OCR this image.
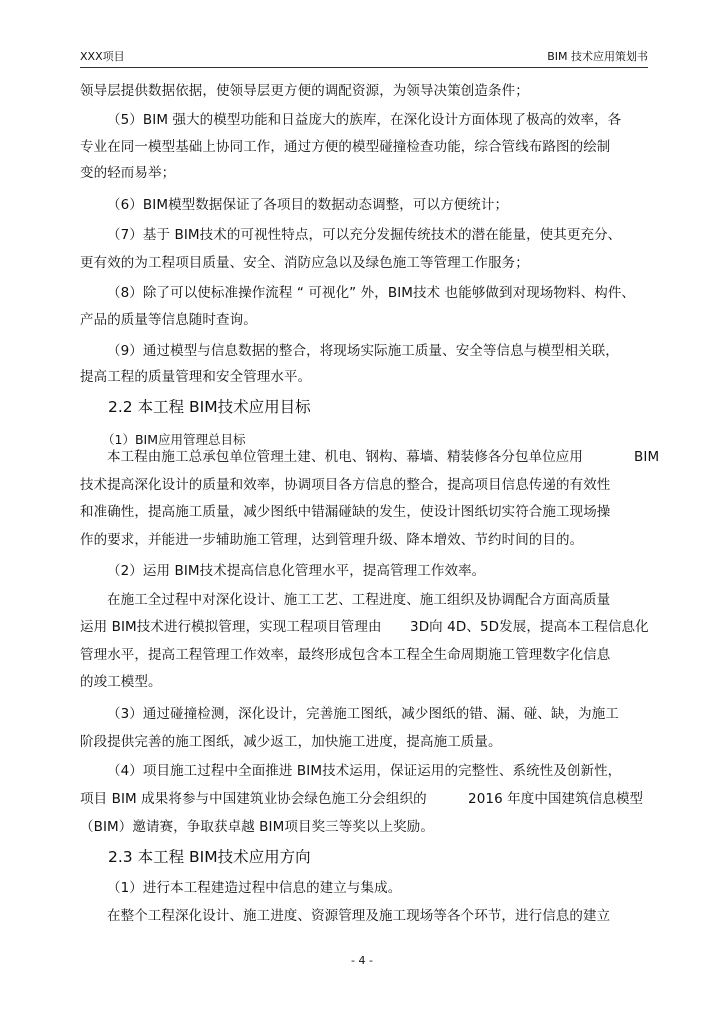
XXX项目	BIM 技术应用策划书
领导层提供数据依据，使领导层更方便的调配资源，为领导决策创造条件；
（5）BIM 强大的模型功能和日益庞大的族库，在深化设计方面体现了极高的效率，各
专业在同一模型基础上协同工作，通过方便的模型碰撞检查功能，综合管线布路图的绘制
变的轻而易举；
（6）BIM模型数据保证了各项目的数据动态调整，可以方便统计；
（7）基于 BIM技术的可视性特点，可以充分发掘传统技术的潜在能量，使其更充分、
更有效的为工程项目质量、安全、消防应急以及绿色施工等管理工作服务；
（8）除了可以使标准操作流程 “ 可视化” 外，BIM技术 也能够做到对现场物料、构件、
产品的质量等信息随时查询。
（9）通过模型与信息数据的整合，将现场实际施工质量、安全等信息与模型相关联，
提高工程的质量管理和安全管理水平。
2.2 本工程 BIM技术应用目标
（1）BIM应用管理总目标
本工程由施工总承包单位管理土建、机电、钢构、幕墙、精装修各分包单位应用	BIM
技术提高深化设计的质量和效率，协调项目各方信息的整合，提高项目信息传递的有效性
和准确性，提高施工质量，减少图纸中错漏碰缺的发生，使设计图纸切实符合施工现场操
作的要求，并能进一步辅助施工管理，达到管理升级、降本增效、节约时间的目的。
（2）运用 BIM技术提高信息化管理水平，提高管理工作效率。
在施工全过程中对深化设计、施工工艺、工程进度、施工组织及协调配合方面高质量
运用 BIM技术进行模拟管理，实现工程项目管理由 3D向 4D、5D发展，提高本工程信息化
管理水平，提高工程管理工作效率，最终形成包含本工程全生命周期施工管理数字化信息
的竣工模型。
（3）通过碰撞检测，深化设计，完善施工图纸，减少图纸的错、漏、碰、缺，为施工
阶段提供完善的施工图纸，减少返工，加快施工进度，提高施工质量。
（4）项目施工过程中全面推进 BIM技术运用，保证运用的完整性、系统性及创新性，
项目 BIM 成果将参与中国建筑业协会绿色施工分会组织的	2016 年度中国建筑信息模型
（BIM）邀请赛，争取获卓越 BIM项目奖三等奖以上奖励。
2.3 本工程 BIM技术应用方向
（1）进行本工程建造过程中信息的建立与集成。
在整个工程深化设计、施工进度、资源管理及施工现场等各个环节，进行信息的建立
- 4 -
